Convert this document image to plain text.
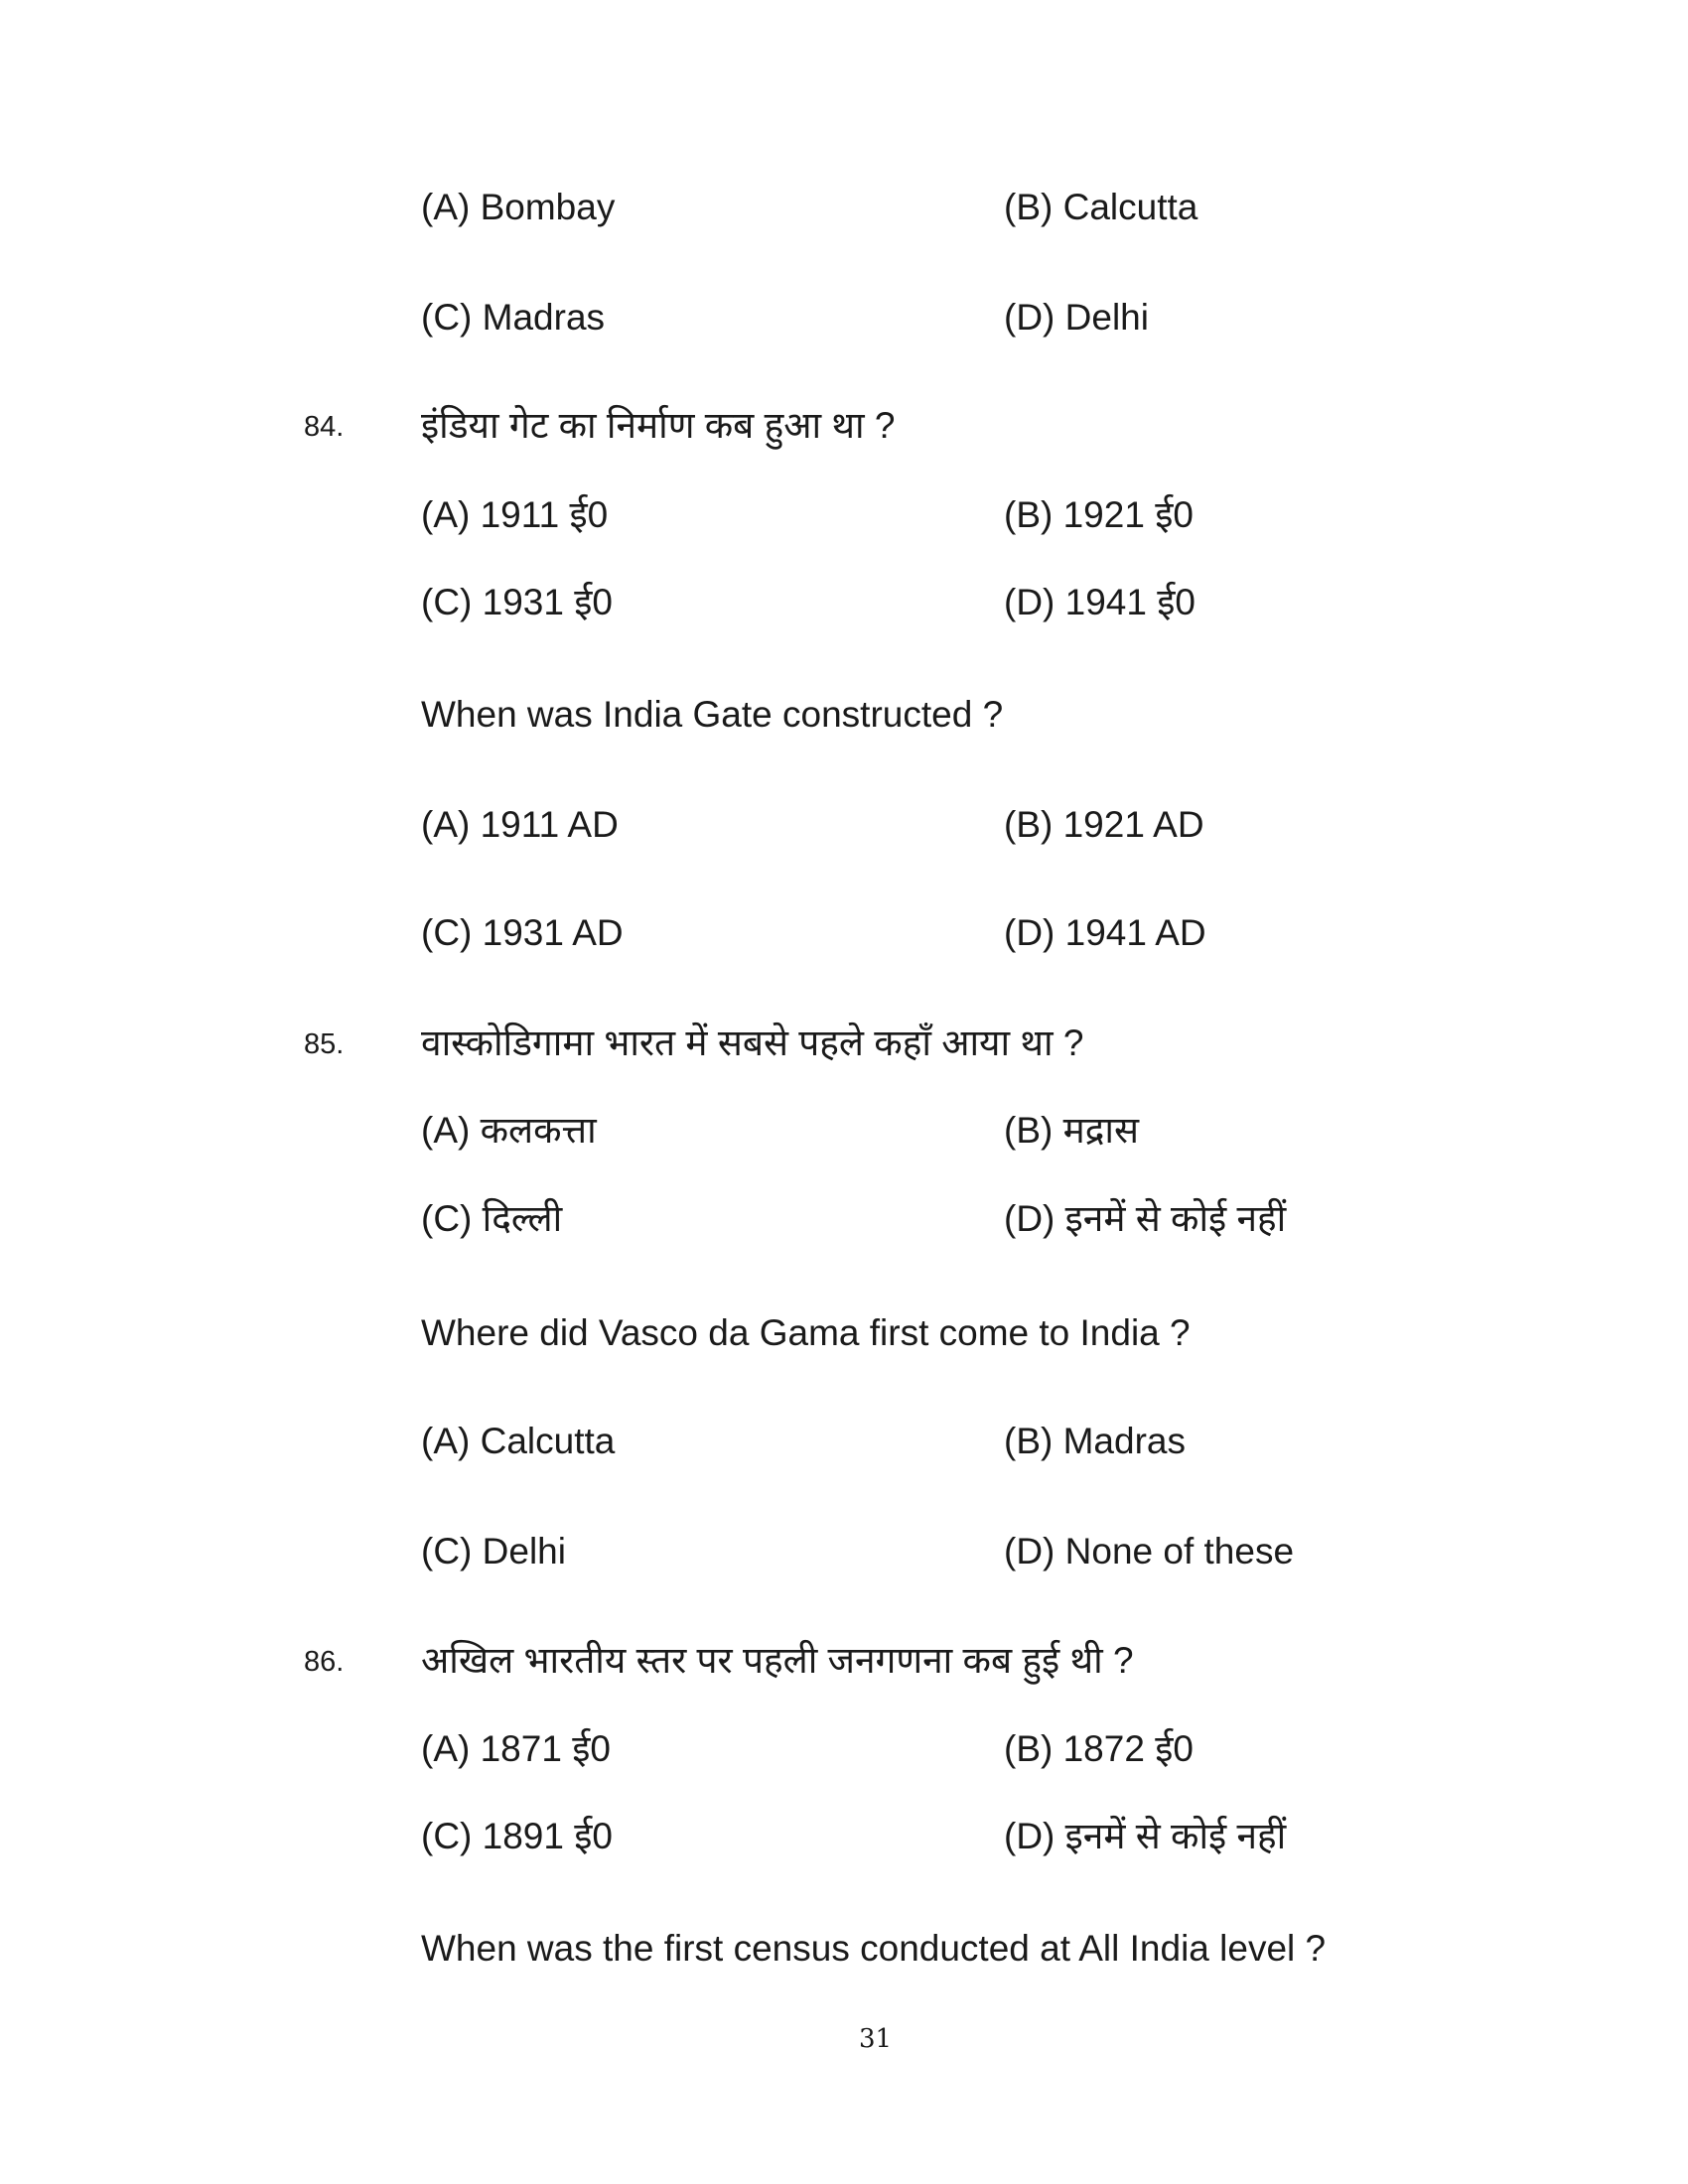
(A) Bombay	(B) Calcutta
(C) Madras	(D) Delhi
84. इंडिया गेट का निर्माण कब हुआ था ?
(A) 1911 ई0	(B) 1921 ई0
(C) 1931 ई0	(D) 1941 ई0
When was India Gate constructed ?
(A) 1911 AD	(B) 1921 AD
(C) 1931 AD	(D) 1941 AD
85. वास्कोडिगामा भारत में सबसे पहले कहाँ आया था ?
(A) कलकत्ता	(B) मद्रास
(C) दिल्ली	(D) इनमें से कोई नहीं
Where did Vasco da Gama first come to India ?
(A) Calcutta	(B) Madras
(C) Delhi	(D) None of these
86. अखिल भारतीय स्तर पर पहली जनगणना कब हुई थी ?
(A) 1871 ई0	(B) 1872 ई0
(C) 1891 ई0	(D) इनमें से कोई नहीं
When was the first census conducted at All India level ?
31
